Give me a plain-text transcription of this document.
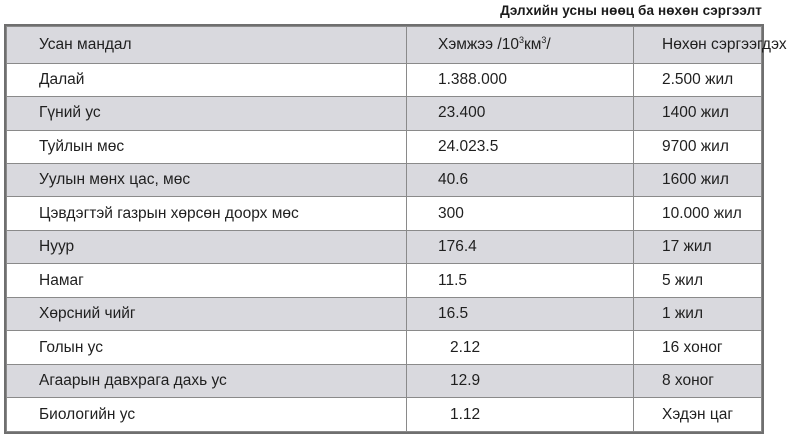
Дэлхийн усны нөөц ба нөхөн сэргээлт
Усан мандал	Хэмжээ $/10^3км^3/$	Нөхөн сэргээгдэх
Далай	1.388.000	2.500 жил
Гүний ус	23.400	1400 жил
Туйлын мөс	24.023.5	9700 жил
Уулын мөнх цас, мөс	40.6	1600 жил
Цэвдэгтэй газрын хөрсөн доорх мөс	300	10.000 жил
Нуур	176.4	17 жил
Намаг	11.5	5 жил
Хөрсний чийг	16.5	1 жил
Голын ус	2.12	16 хоног
Агаарын давхрага дахь ус	12.9	8 хоног
Биологийн ус	1.12	Хэдэн цаг
